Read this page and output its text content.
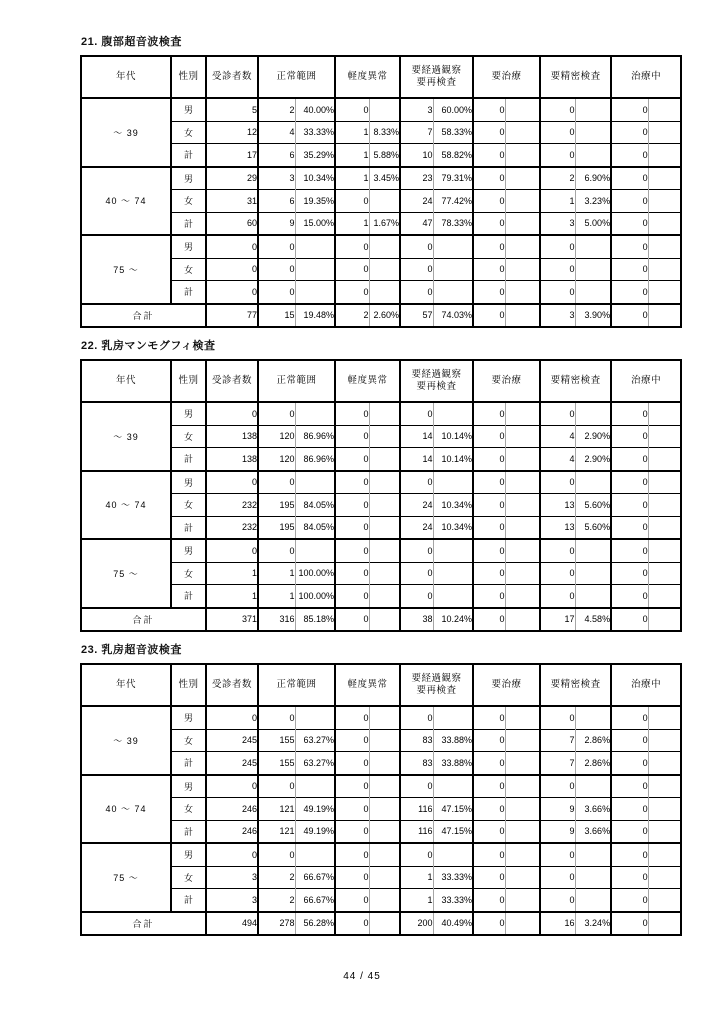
21. 腹部超音波検査
年代	性別	受診者数	正常範囲		軽度異常		要経過観察
要再検査		要治療		要精密検査		治療中	
～ 39	男	5	2	40.00%	0		3	60.00%	0		0		0	
	女	12	4	33.33%	1	8.33%	7	58.33%	0		0		0	
	計	17	6	35.29%	1	5.88%	10	58.82%	0		0		0	
40 ～ 74	男	29	3	10.34%	1	3.45%	23	79.31%	0		2	6.90%	0	
	女	31	6	19.35%	0		24	77.42%	0		1	3.23%	0	
	計	60	9	15.00%	1	1.67%	47	78.33%	0		3	5.00%	0	
75 ～	男	0	0		0		0		0		0		0	
	女	0	0		0		0		0		0		0	
	計	0	0		0		0		0		0		0	
合計		77	15	19.48%	2	2.60%	57	74.03%	0		3	3.90%	0	
22. 乳房マンモグフィ検査
年代	性別	受診者数	正常範囲		軽度異常		要経過観察
要再検査		要治療		要精密検査		治療中	
～ 39	男	0	0		0		0		0		0		0	
	女	138	120	86.96%	0		14	10.14%	0		4	2.90%	0	
	計	138	120	86.96%	0		14	10.14%	0		4	2.90%	0	
40 ～ 74	男	0	0		0		0		0		0		0	
	女	232	195	84.05%	0		24	10.34%	0		13	5.60%	0	
	計	232	195	84.05%	0		24	10.34%	0		13	5.60%	0	
75 ～	男	0	0		0		0		0		0		0	
	女	1	1	100.00%	0		0		0		0		0	
	計	1	1	100.00%	0		0		0		0		0	
合計		371	316	85.18%	0		38	10.24%	0		17	4.58%	0	
23. 乳房超音波検査
年代	性別	受診者数	正常範囲		軽度異常		要経過観察
要再検査		要治療		要精密検査		治療中	
～ 39	男	0	0		0		0		0		0		0	
	女	245	155	63.27%	0		83	33.88%	0		7	2.86%	0	
	計	245	155	63.27%	0		83	33.88%	0		7	2.86%	0	
40 ～ 74	男	0	0		0		0		0		0		0	
	女	246	121	49.19%	0		116	47.15%	0		9	3.66%	0	
	計	246	121	49.19%	0		116	47.15%	0		9	3.66%	0	
75 ～	男	0	0		0		0		0		0		0	
	女	3	2	66.67%	0		1	33.33%	0		0		0	
	計	3	2	66.67%	0		1	33.33%	0		0		0	
合計		494	278	56.28%	0		200	40.49%	0		16	3.24%	0	
44 / 45
